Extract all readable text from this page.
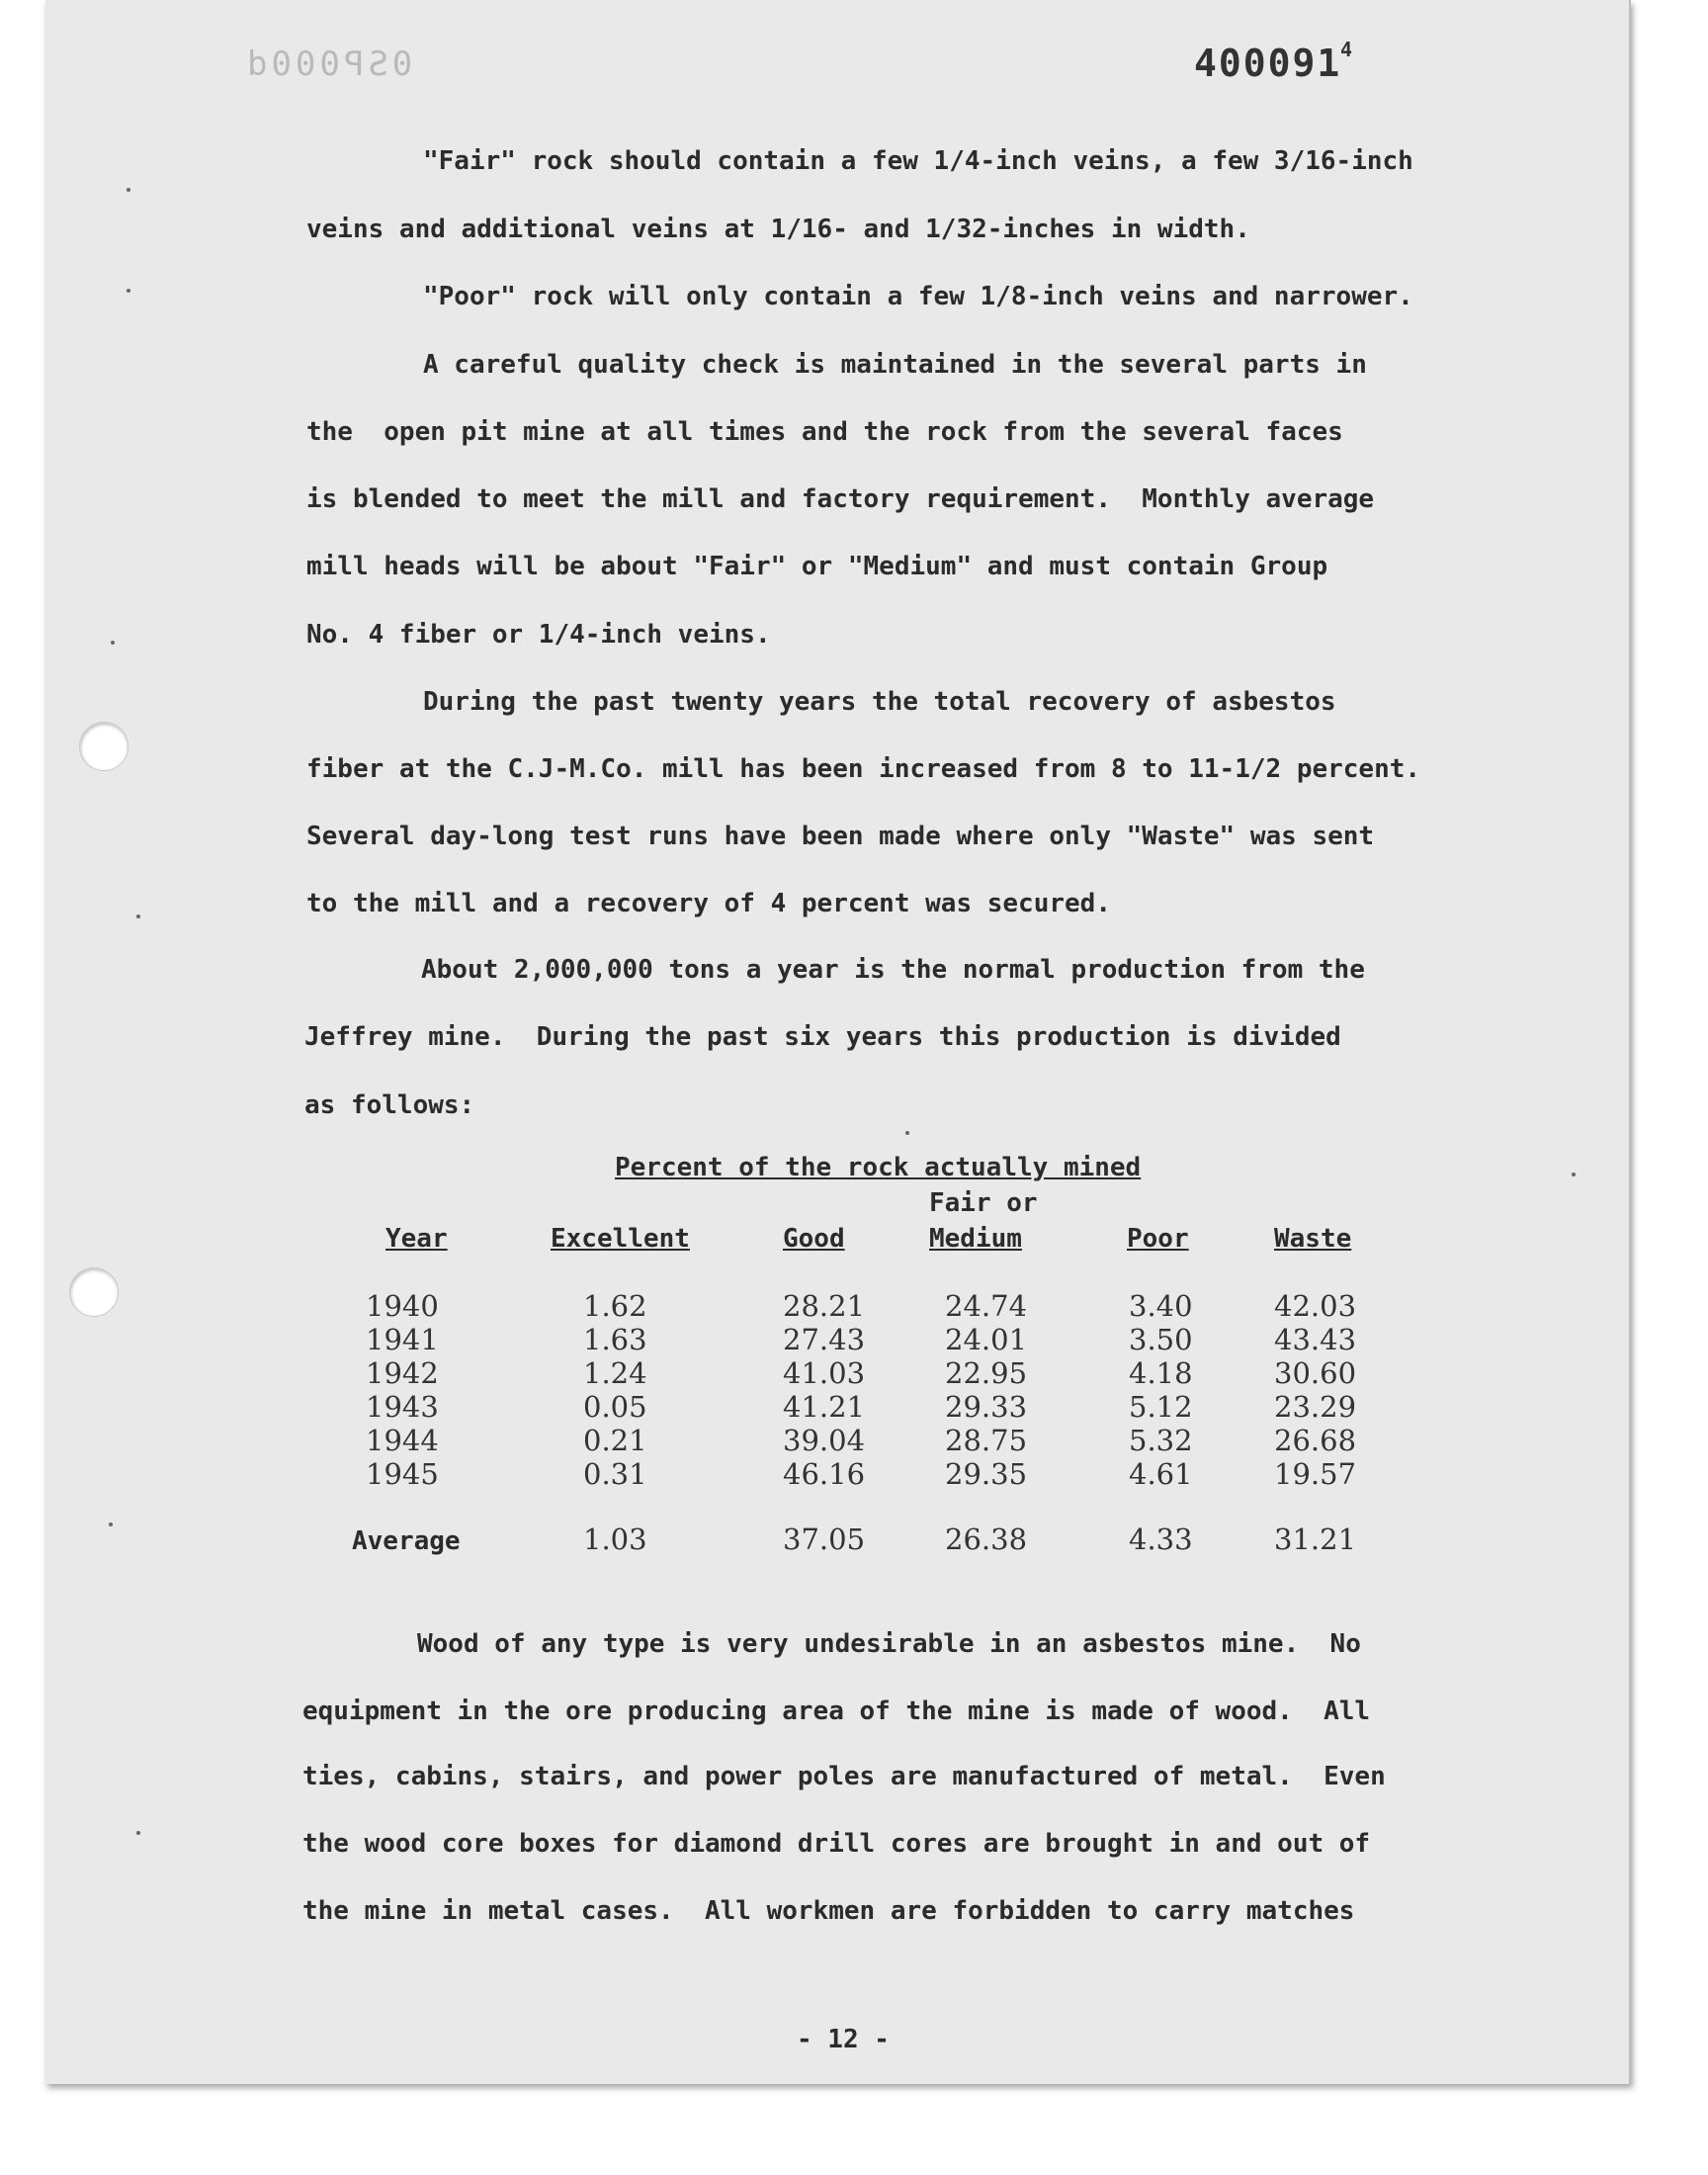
0SP000d	400091
4
"Fair" rock should contain a few 1/4-inch veins, a few 3/16-inch
veins and additional veins at 1/16- and 1/32-inches in width.
"Poor" rock will only contain a few 1/8-inch veins and narrower.
A careful quality check is maintained in the several parts in
the  open pit mine at all times and the rock from the several faces
is blended to meet the mill and factory requirement.  Monthly average
mill heads will be about "Fair" or "Medium" and must contain Group
No. 4 fiber or 1/4-inch veins.
During the past twenty years the total recovery of asbestos
fiber at the C.J-M.Co. mill has been increased from 8 to 11-1/2 percent.
Several day-long test runs have been made where only "Waste" was sent
to the mill and a recovery of 4 percent was secured.
About 2,000,000 tons a year is the normal production from the
Jeffrey mine.  During the past six years this production is divided
as follows:
Percent of the rock actually mined
Fair or
Year	Excellent	Good	Medium	Poor	Waste
1940	1.62	28.21	24.74	3.40	42.03
1941	1.63	27.43	24.01	3.50	43.43
1942	1.24	41.03	22.95	4.18	30.60
1943	0.05	41.21	29.33	5.12	23.29
1944	0.21	39.04	28.75	5.32	26.68
1945	0.31	46.16	29.35	4.61	19.57
Average	1.03	37.05	26.38	4.33	31.21
Wood of any type is very undesirable in an asbestos mine.  No
equipment in the ore producing area of the mine is made of wood.  All
ties, cabins, stairs, and power poles are manufactured of metal.  Even
the wood core boxes for diamond drill cores are brought in and out of
the mine in metal cases.  All workmen are forbidden to carry matches
- 12 -
